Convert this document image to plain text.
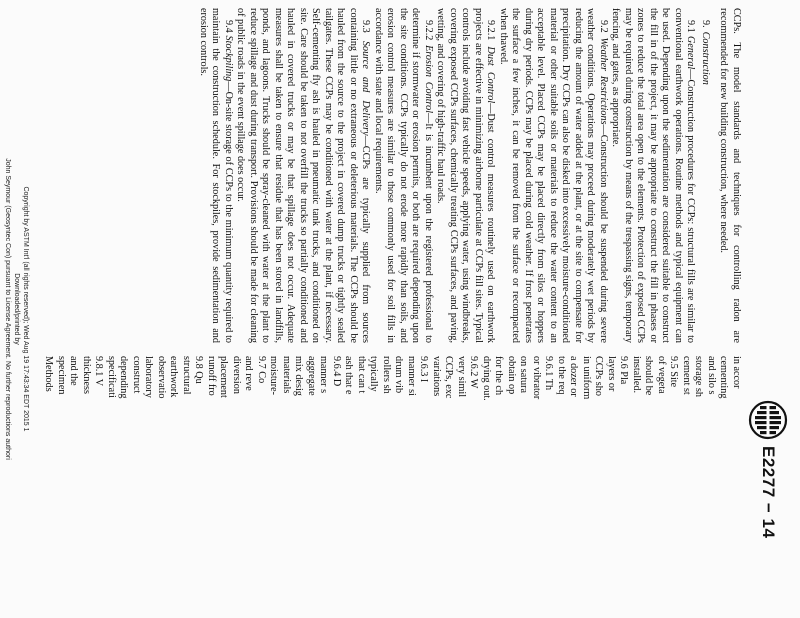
E2277 − 14

CCPs. The model standards and techniques for controlling radon are recommended for new building construction, where needed.

9.Construction

9.1 General—Construction procedures for CCPs: structural fills are similar to conventional earthwork operations. Routine methods and typical equipment can be used. Depending upon the sedimentation are considered suitable to construct the fill in of the project, it may be appropriate to construct the fill in phases or zones to reduce the total area open to the elements. Protection of exposed CCPs may be required during construction by means of the trespassing signs, temporary fencing, and gates, as appropriate.

9.2 Weather Restrictions—Construction should be suspended during severe weather conditions. Operations may proceed during moderately wet periods by reducing the amount of water added at the plant, or at the site to compensate for precipitation. Dry CCPs can also be disked into excessively moisture-conditioned material or other suitable soils or materials to reduce the water content to an acceptable level. Placed CCPs may be placed directly from silos or hoppers during dry periods. CCPs may be placed during cold weather. If frost penetrates the surface a few inches, it can be removed from the surface or recompacted when thawed.

9.2.1 Dust Control—Dust control measures routinely used on earthwork projects are effective in minimizing airborne particulate at CCPs fill sites. Typical controls include avoiding fast vehicle speeds, applying water, using windbreaks, covering exposed CCPs surfaces, chemically treating CCPs surfaces, and paving, wetting, and covering of high-traffic haul roads.

9.2.2 Erosion Control—It is incumbent upon the registered professional to determine if stormwater or erosion permits, or both are required depending upon the site conditions. CCPs typically do not erode more rapidly than soils, and erosion control measures are similar to those commonly used for soil fills in accordance with state and local requirements.

9.3 Source and Delivery—CCPs are typically supplied from sources containing little or no extraneous or deleterious materials. The CCPs should be hauled from the source to the project in covered dump trucks or tightly sealed tailgates. These CCPs may be conditioned with water at the plant, if necessary. Self-cementing fly ash is hauled in pneumatic tank trucks, and conditioned on site. Care should be taken to not overfill the trucks so partially conditioned and hauled in covered trucks or may be that spillage does not occur. Adequate measures shall be taken to ensure that residue that has been stored in landfills, ponds, and lagoons. Trucks should be spray-cleaned with water at the plant to reduce spillage and dust during transport. Provisions should be made for cleaning of public roads in the event spillage does occur.

9.4 Stockpiling—On-site storage of CCPs to the minimum quantity required to maintain the construction schedule. For stockpiles, provide sedimentation and erosion controls.

in accor
cementing
and silo s
storage sh
cement st
9.5 Site
of vegeta
should be
installed.
9.6 Pla
layers or
CCPs sho
in uniform
a dozer or
to the req
9.6.1 Th
or vibrator
on satura
obtain op
for the ch
drying out.
9.6.2 W
very simil
CCPs, exc
variations
9.6.3 I
manner si
drum vib
rollers sh
typically
that can t
ash that e
9.6.4 D
manner s
aggregate
mix desig
materials
moisture-
9.7 Co
and reve
diversion
placement
runoff fro
9.8 Qu
structural
earthwork
observatio
laboratory
construct
depending
specificati
9.8.1 V
thickness
and the
specimen
Methods
Copyright by ASTM Int'l (all rights reserved); Wed Aug 19 17:43:34 EDT 2015 1
Downloaded/printed by
John Seymour (Geosyntec Con) pursuant to License Agreement. No further reproductions authori
